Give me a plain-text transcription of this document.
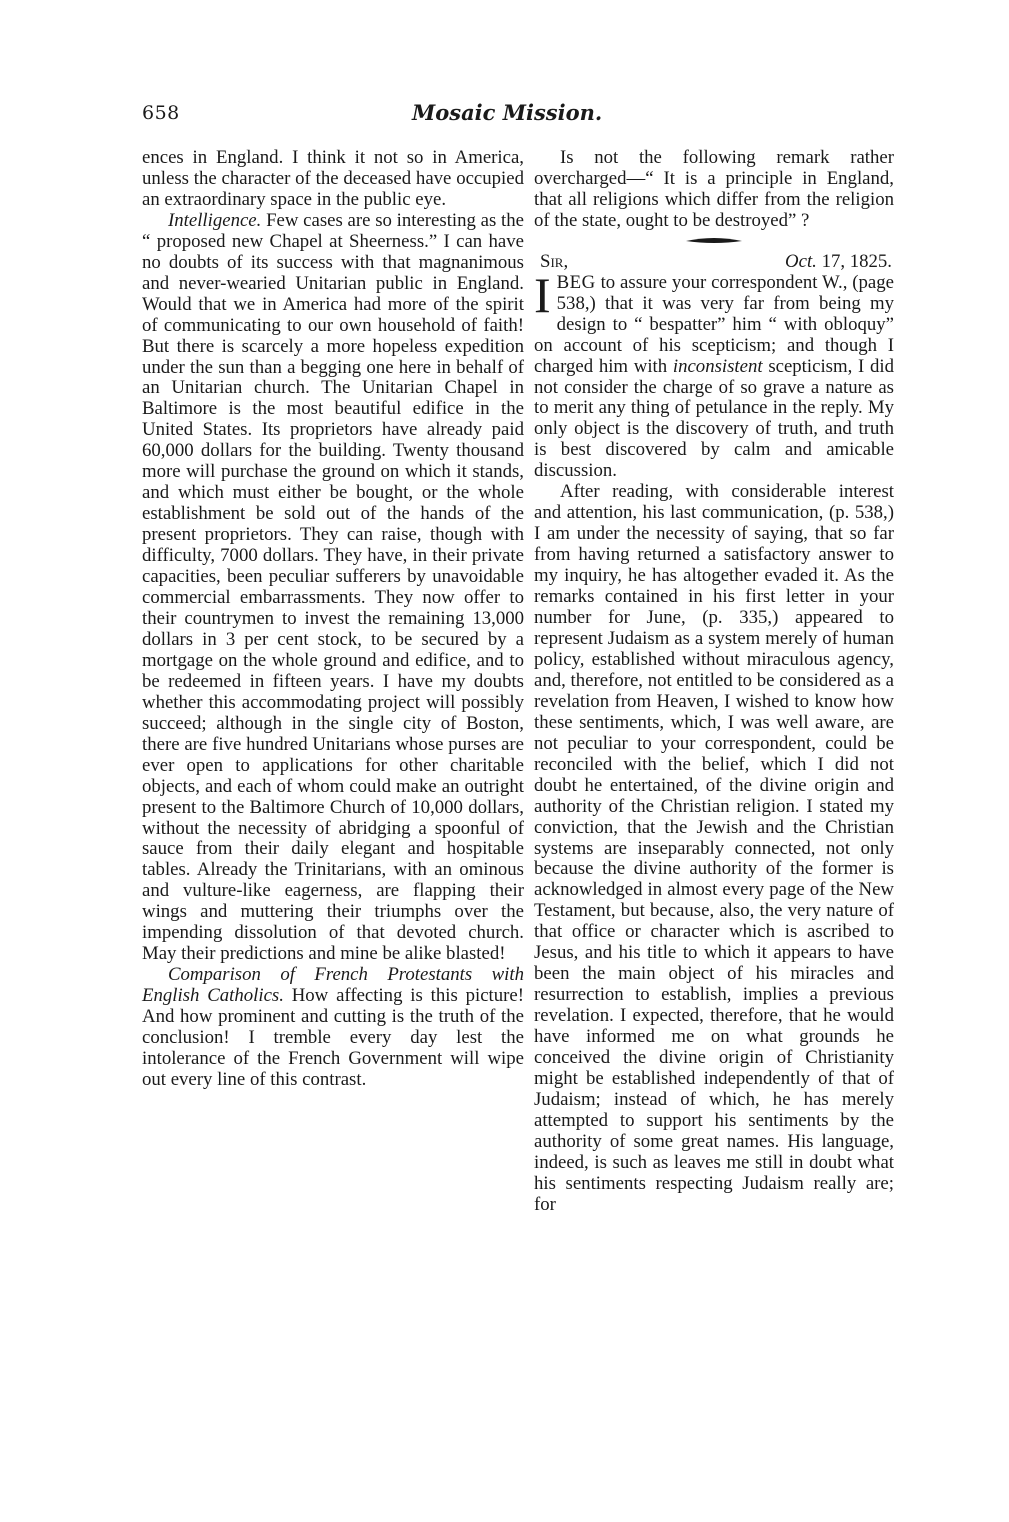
658	Mosaic Mission.

ences in England. I think it not so in America, unless the character of the deceased have occupied an extraordinary space in the public eye.

Intelligence. Few cases are so interesting as the “ proposed new Chapel at Sheerness.” I can have no doubts of its success with that magnanimous and never-wearied Unitarian public in England. Would that we in America had more of the spirit of communicating to our own household of faith! But there is scarcely a more hopeless expedition under the sun than a begging one here in behalf of an Unitarian church. The Unitarian Chapel in Baltimore is the most beautiful edifice in the United States. Its proprietors have already paid 60,000 dollars for the building. Twenty thousand more will purchase the ground on which it stands, and which must either be bought, or the whole establishment be sold out of the hands of the present proprietors. They can raise, though with difficulty, 7000 dollars. They have, in their private capacities, been peculiar sufferers by unavoidable commercial embarrassments. They now offer to their countrymen to invest the remaining 13,000 dollars in 3 per cent stock, to be secured by a mortgage on the whole ground and edifice, and to be redeemed in fifteen years. I have my doubts whether this accommodating project will possibly succeed; although in the single city of Boston, there are five hundred Unitarians whose purses are ever open to applications for other charitable objects, and each of whom could make an outright present to the Baltimore Church of 10,000 dollars, without the necessity of abridging a spoonful of sauce from their daily elegant and hospitable tables. Already the Trinitarians, with an ominous and vulture-like eagerness, are flapping their wings and muttering their triumphs over the impending dissolution of that devoted church. May their predictions and mine be alike blasted!

Comparison of French Protestants with English Catholics. How affecting is this picture! And how prominent and cutting is the truth of the conclusion! I tremble every day lest the intolerance of the French Government will wipe out every line of this contrast.

Is not the following remark rather overcharged—“ It is a principle in England, that all religions which differ from the religion of the state, ought to be destroyed” ?

Sir,	Oct. 17, 1825.

IBEG to assure your correspondent W., (page 538,) that it was very far from being my design to “ bespatter” him “ with obloquy” on account of his scepticism; and though I charged him with inconsistent scepticism, I did not consider the charge of so grave a nature as to merit any thing of petulance in the reply. My only object is the discovery of truth, and truth is best discovered by calm and amicable discussion.

After reading, with considerable interest and attention, his last communication, (p. 538,) I am under the necessity of saying, that so far from having returned a satisfactory answer to my inquiry, he has altogether evaded it. As the remarks contained in his first letter in your number for June, (p. 335,) appeared to represent Judaism as a system merely of human policy, established without miraculous agency, and, therefore, not entitled to be considered as a revelation from Heaven, I wished to know how these sentiments, which, I was well aware, are not peculiar to your correspondent, could be reconciled with the belief, which I did not doubt he entertained, of the divine origin and authority of the Christian religion. I stated my conviction, that the Jewish and the Christian systems are inseparably connected, not only because the divine authority of the former is acknowledged in almost every page of the New Testament, but because, also, the very nature of that office or character which is ascribed to Jesus, and his title to which it appears to have been the main object of his miracles and resurrection to establish, implies a previous revelation. I expected, therefore, that he would have informed me on what grounds he conceived the divine origin of Christianity might be established independently of that of Judaism; instead of which, he has merely attempted to support his sentiments by the authority of some great names. His language, indeed, is such as leaves me still in doubt what his sentiments respecting Judaism really are; for
